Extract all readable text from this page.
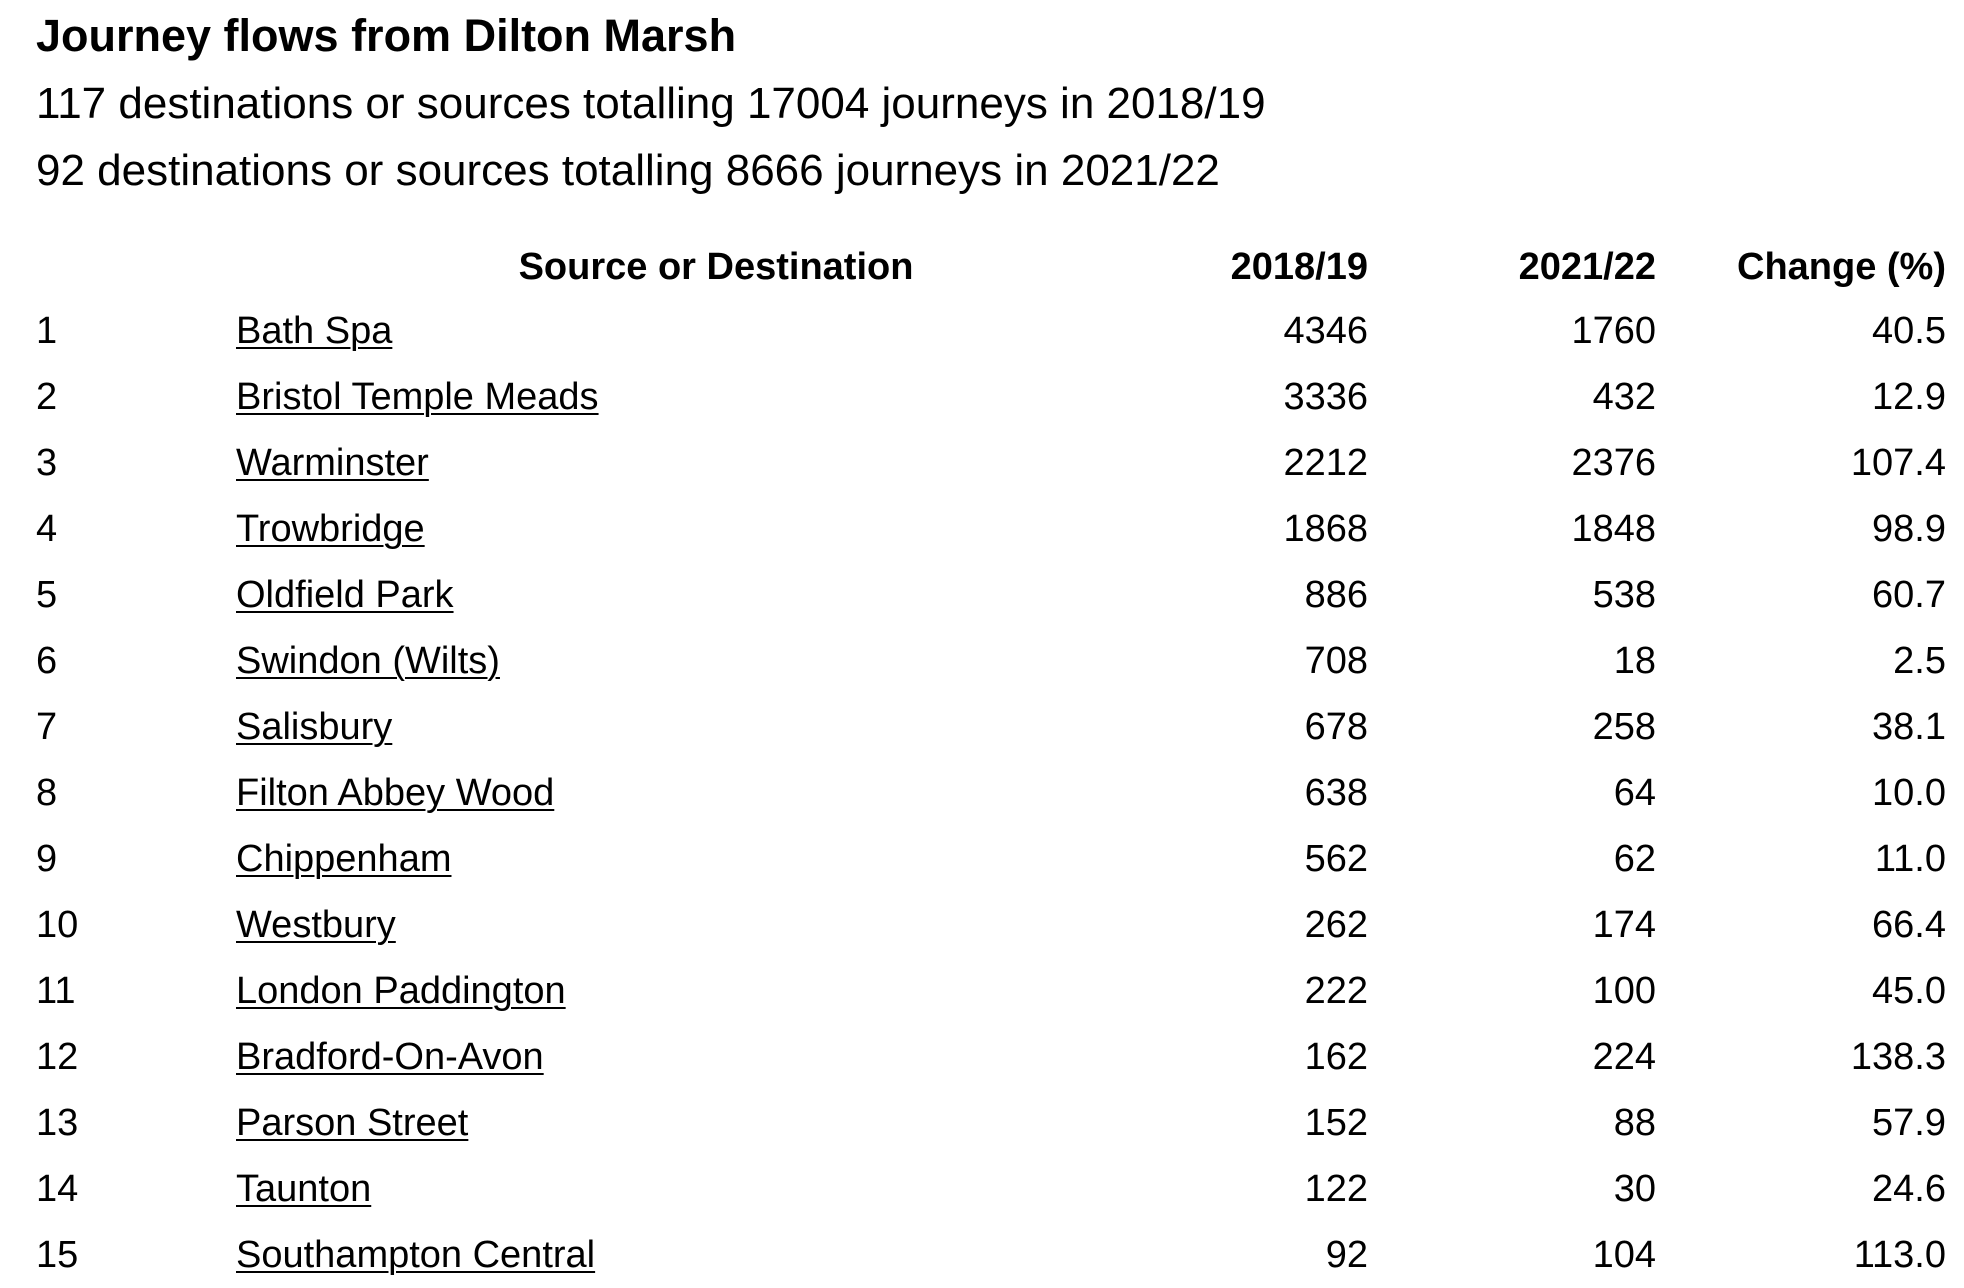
Journey flows from Dilton Marsh
117 destinations or sources totalling 17004 journeys in 2018/19
92 destinations or sources totalling 8666 journeys in 2021/22
	Source or Destination	2018/19	2021/22	Change (%)
1	Bath Spa	4346	1760	40.5
2	Bristol Temple Meads	3336	432	12.9
3	Warminster	2212	2376	107.4
4	Trowbridge	1868	1848	98.9
5	Oldfield Park	886	538	60.7
6	Swindon (Wilts)	708	18	2.5
7	Salisbury	678	258	38.1
8	Filton Abbey Wood	638	64	10.0
9	Chippenham	562	62	11.0
10	Westbury	262	174	66.4
11	London Paddington	222	100	45.0
12	Bradford-On-Avon	162	224	138.3
13	Parson Street	152	88	57.9
14	Taunton	122	30	24.6
15	Southampton Central	92	104	113.0
